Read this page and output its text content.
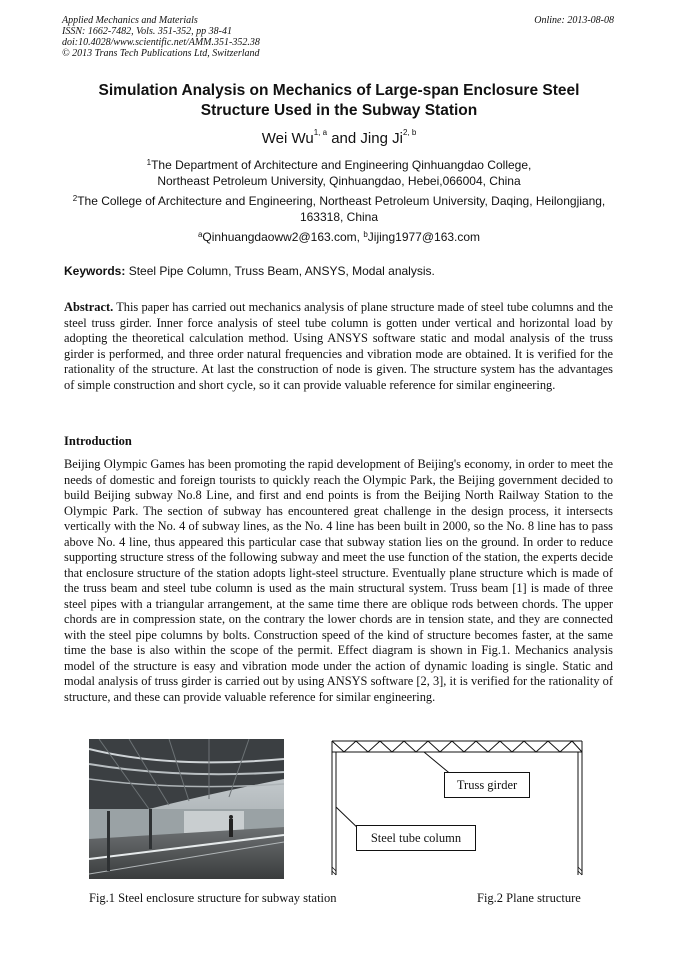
Applied Mechanics and Materials
ISSN: 1662-7482, Vols. 351-352, pp 38-41
doi:10.4028/www.scientific.net/AMM.351-352.38
© 2013 Trans Tech Publications Ltd, Switzerland
Online: 2013-08-08
Simulation Analysis on Mechanics of Large-span Enclosure Steel
Structure Used in the Subway Station
Wei Wu$^{1, a}$ and Jing Ji$^{2, b}$
$^1$The Department of Architecture and Engineering Qinhuangdao College,
Northeast Petroleum University, Qinhuangdao, Hebei,066004, China
$^2$The College of Architecture and Engineering, Northeast Petroleum University, Daqing, Heilongjiang,
163318, China
$^a$Qinhuangdaoww2@163.com, $^b$Jijing1977@163.com
Keywords: Steel Pipe Column, Truss Beam, ANSYS, Modal analysis.
Abstract. This paper has carried out mechanics analysis of plane structure made of steel tube columns and the steel truss girder. Inner force analysis of steel tube column is gotten under vertical and horizontal load by adopting the theoretical calculation method. Using ANSYS software static and modal analysis of the truss girder is performed, and three order natural frequencies and vibration mode are obtained. It is verified for the rationality of the structure. At last the construction of node is given. The structure system has the advantages of simple construction and short cycle, so it can provide valuable reference for similar engineering.
Introduction
Beijing Olympic Games has been promoting the rapid development of Beijing's economy, in order to meet the needs of domestic and foreign tourists to quickly reach the Olympic Park, the Beijing government decided to build Beijing subway No.8 Line, and first and end points is from the Beijing North Railway Station to the Olympic Park. The section of subway has encountered great challenge in the design process, it intersects vertically with the No. 4 of subway lines, as the No. 4 line has been built in 2000, so the No. 8 line has to pass above No. 4 line, thus appeared this particular case that subway station lies on the ground. In order to reduce supporting structure stress of the following subway and meet the use function of the station, the experts decide that enclosure structure of the station adopts light-steel structure. Eventually plane structure which is made of the truss beam and steel tube column is used as the main structural system. Truss beam [1] is made of three steel pipes with a triangular arrangement, at the same time there are oblique rods between chords. The upper chords are in compression state, on the contrary the lower chords are in tension state, and they are connected with the steel pipe columns by bolts. Construction speed of the kind of structure becomes faster, at the same time the base is also within the scope of the permit. Effect diagram is shown in Fig.1. Mechanics analysis model of the structure is easy and vibration mode under the action of dynamic loading is single. Static and modal analysis of truss girder is carried out by using ANSYS software [2, 3], it is verified for the rationality of structure, and these can provide valuable reference for similar engineering.
Truss girder
Steel tube column
Fig.1 Steel enclosure structure for subway station	Fig.2 Plane structure
